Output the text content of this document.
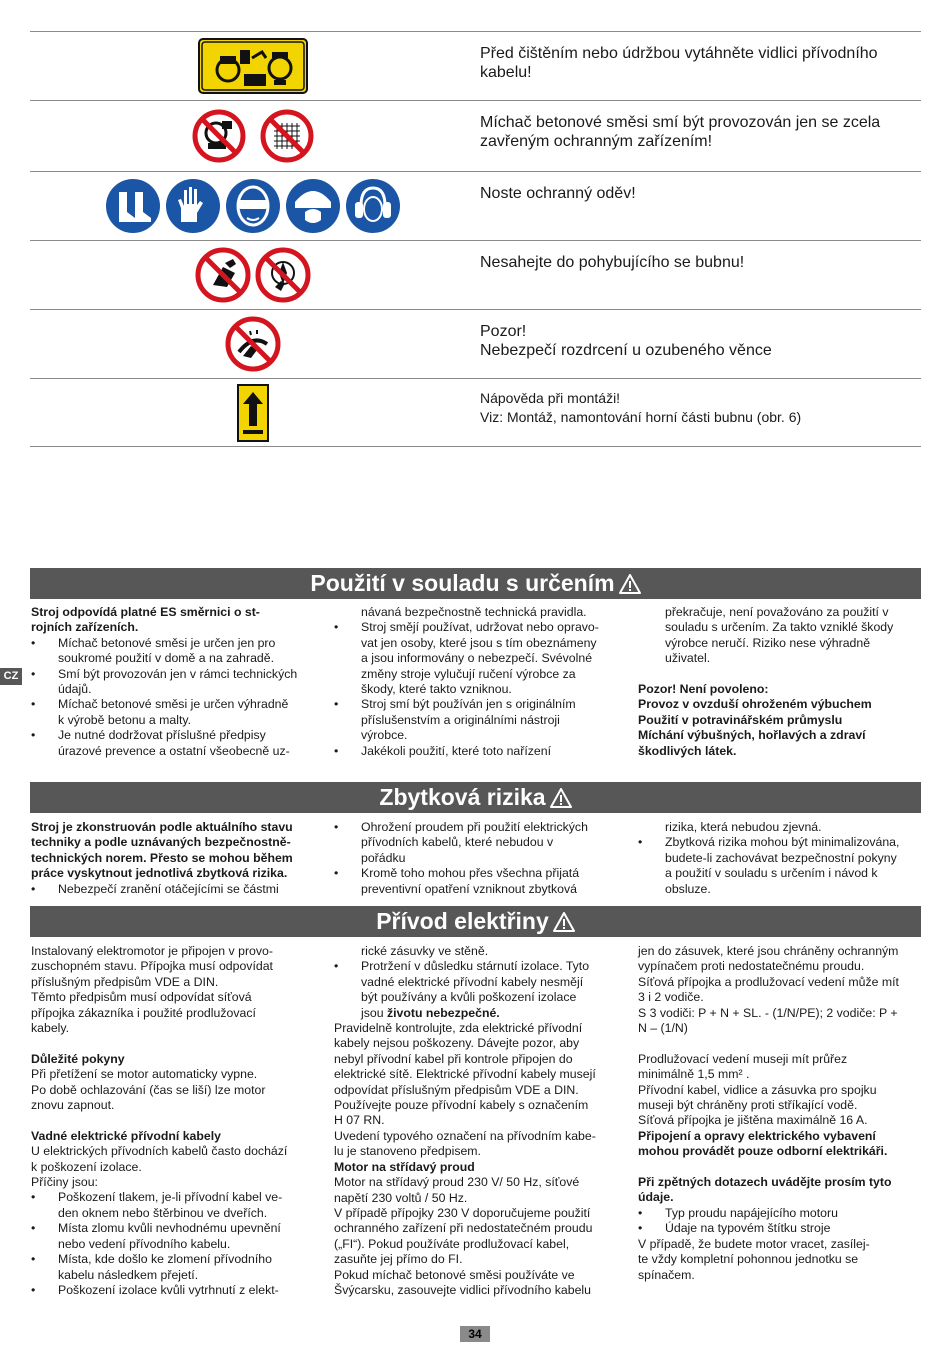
Před čištěním nebo údržbou vytáhněte vidlici přívodního

kabelu!

Míchač betonové směsi smí být provozován jen se zcela

zavřeným ochranným zařízením!

Noste ochranný oděv!

Nesahejte do pohybujícího se bubnu!

Pozor!

Nebezpečí rozdrcení u ozubeného věnce

Nápověda při montáži!

Viz: Montáž, namontování horní části bubnu (obr. 6)

Použití v souladu s určením
CZ

Stroj odpovídá platné ES směrnici o st-

rojních zařízeních.

• Míchač betonové směsi je určen jen pro

soukromé použití v domě a na zahradě.

• Smí být provozován jen v rámci technických

údajů.

• Míchač betonové směsi je určen výhradně

k výrobě betonu a malty.

• Je nutné dodržovat příslušné předpisy

úrazové prevence a ostatní všeobecně uz-

návaná bezpečnostně technická pravidla.

• Stroj smějí používat, udržovat nebo opravo-

vat jen osoby, které jsou s tím obeznámeny

a jsou informovány o nebezpečí. Svévolné

změny stroje vylučují ručení výrobce za

škody, které takto vzniknou.

• Stroj smí být používán jen s originálním

příslušenstvím a originálními nástroji

výrobce.

• Jakékoli použití, které toto nařízení

překračuje, není považováno za použití v

souladu s určením. Za takto vzniklé škody

výrobce neručí. Riziko nese výhradně

uživatel.

Pozor! Není povoleno:

Provoz v ovzduší ohroženém výbuchem

Použití v potravinářském průmyslu

Míchání výbušných, hořlavých a zdraví

škodlivých látek.

Zbytková rizika

Stroj je zkonstruován podle aktuálního stavu

techniky a podle uznávaných bezpečnostně-

technických norem. Přesto se mohou během

práce vyskytnout jednotlivá zbytková rizika.

• Nebezpečí zranění otáčejícími se částmi

• Ohrožení proudem při použití elektrických

přívodních kabelů, které nebudou v

pořádku

• Kromě toho mohou přes všechna přijatá

preventivní opatření vzniknout zbytková

rizika, která nebudou zjevná.

• Zbytková rizika mohou být minimalizována,

budete-li zachovávat bezpečnostní pokyny

a použití v souladu s určením i návod k

obsluze.

Přívod elektřiny

Instalovaný elektromotor je připojen v provo-

zuschopném stavu. Přípojka musí odpovídat

příslušným předpisům VDE a DIN.

Těmto předpisům musí odpovídat síťová

přípojka zákazníka i použité prodlužovací

kabely.

Důležité pokyny

Při přetížení se motor automaticky vypne.

Po době ochlazování (čas se liší) lze motor

znovu zapnout.

Vadné elektrické přívodní kabely

U elektrických přívodních kabelů často dochází

k poškození izolace.

Příčiny jsou:

• Poškození tlakem, je-li přívodní kabel ve-

den oknem nebo štěrbinou ve dveřích.

• Místa zlomu kvůli nevhodnému upevnění

nebo vedení přívodního kabelu.

• Místa, kde došlo ke zlomení přívodního

kabelu následkem přejetí.

• Poškození izolace kvůli vytrhnutí z elekt-

rické zásuvky ve stěně.

• Protržení v důsledku stárnutí izolace. Tyto

vadné elektrické přívodní kabely nesmějí

být používány a kvůli poškození izolace

jsou životu nebezpečné.

Pravidelně kontrolujte, zda elektrické přívodní

kabely nejsou poškozeny. Dávejte pozor, aby

nebyl přívodní kabel při kontrole připojen do

elektrické sítě. Elektrické přívodní kabely musejí

odpovídat příslušným předpisům VDE a DIN.

Používejte pouze přívodní kabely s označením

H 07 RN.

Uvedení typového označení na přívodním kabe-

lu je stanoveno předpisem.

Motor na střídavý proud

Motor na střídavý proud 230 V/ 50 Hz, síťové

napětí 230 voltů / 50 Hz.

V případě přípojky 230 V doporučujeme použití

ochranného zařízení při nedostatečném proudu

(„FI“). Pokud používáte prodlužovací kabel,

zasuňte jej přímo do FI.

Pokud míchač betonové směsi používáte ve

Švýcarsku, zasouvejte vidlici přívodního kabelu

jen do zásuvek, které jsou chráněny ochranným

vypínačem proti nedostatečnému proudu.

Síťová přípojka a prodlužovací vedení může mít

3 i 2 vodiče.

S 3 vodiči: P + N + SL. - (1/N/PE); 2 vodiče: P +

N – (1/N)

Prodlužovací vedení museji mít průřez

minimálně 1,5 mm² .

Přívodní kabel, vidlice a zásuvka pro spojku

museji být chráněny proti stříkající vodě.

Síťová přípojka je jištěna maximálně 16 A.

Připojení a opravy elektrického vybavení

mohou provádět pouze odborní elektrikáři.

Při zpětných dotazech uvádějte prosím tyto

údaje.

• Typ proudu napájejícího motoru

• Údaje na typovém štítku stroje

V případě, že budete motor vracet, zasílej-

te vždy kompletní pohonnou jednotku se

spínačem.

34
